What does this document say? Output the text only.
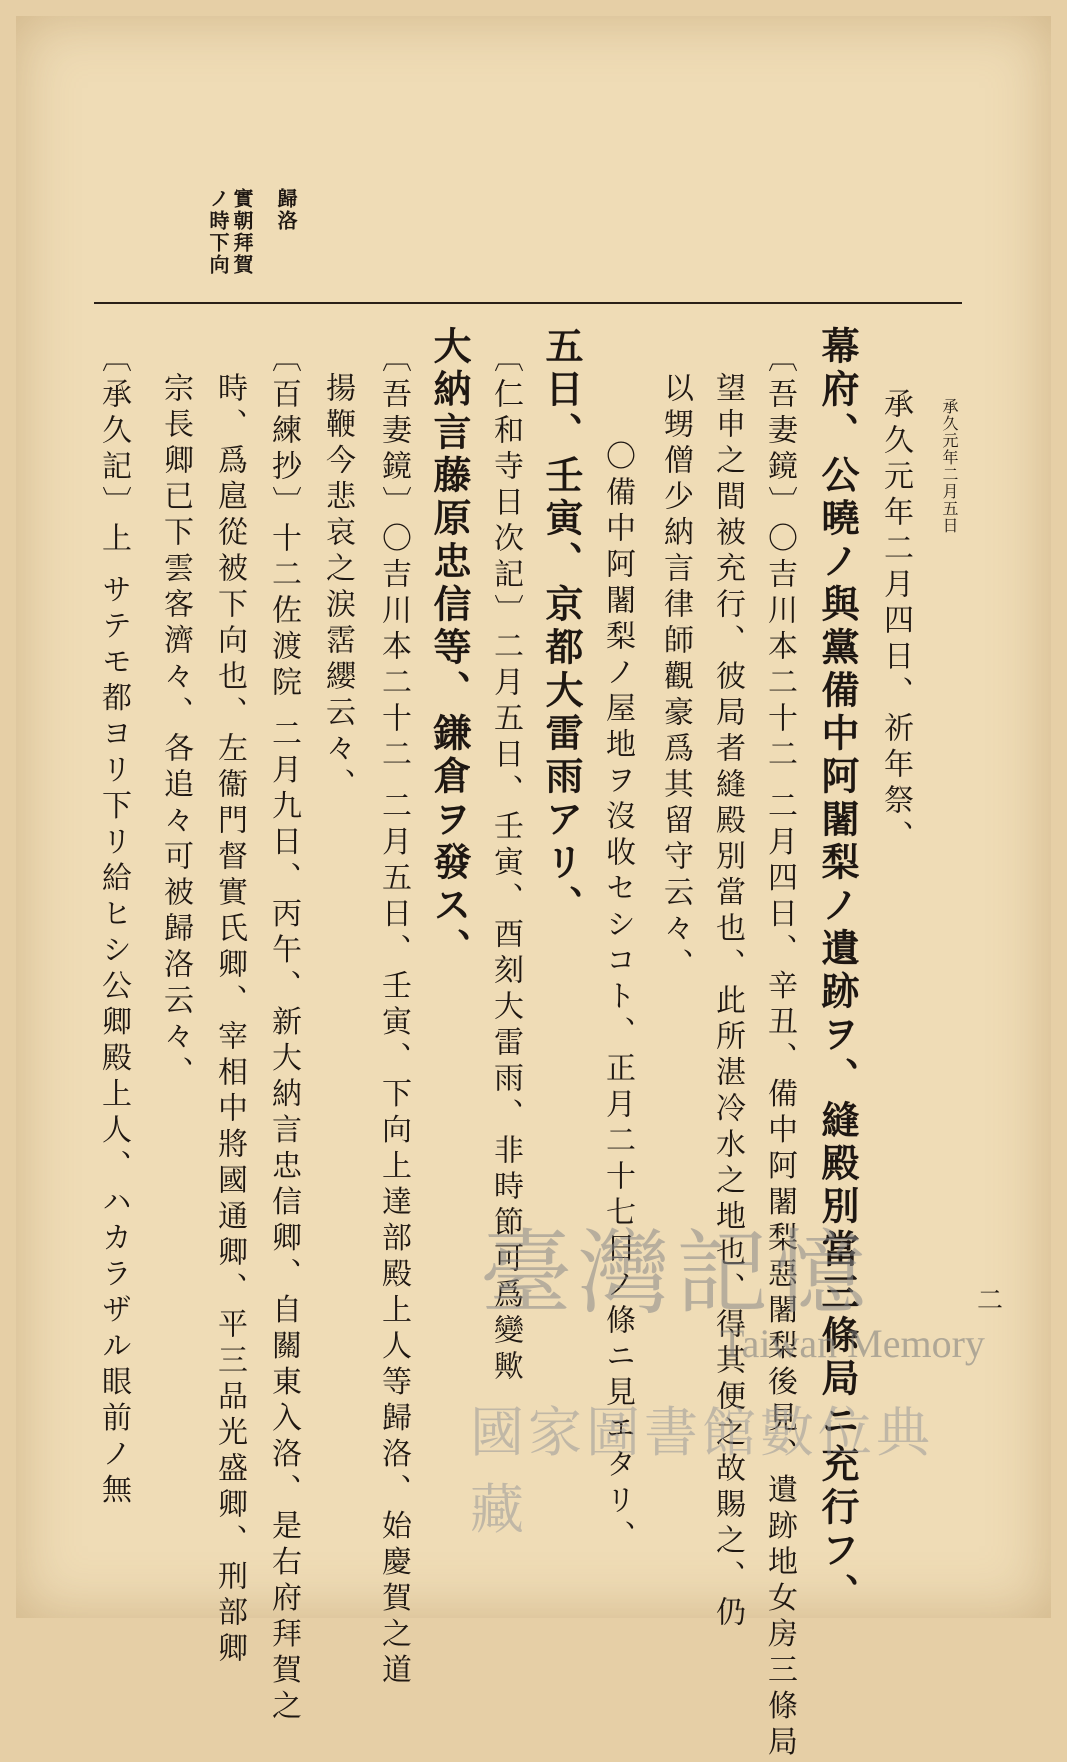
承久元年二月五日
二
歸洛
實朝拜賀
ノ時下向
承久元年二月四日、祈年祭、
幕府、公曉ノ與黨備中阿闍梨ノ遺跡ヲ、縫殿別當三條局ニ充行フ、
〔吾妻鏡〕〇吉川本二十二 二月四日、辛丑、備中阿闍梨惡闍梨後見、遺跡地女房三條局
望申之間被充行、彼局者縫殿別當也、此所湛冷水之地也、得其便之故賜之、仍
以甥僧少納言律師觀豪爲其留守云々、
〇備中阿闍梨ノ屋地ヲ沒收セシコト、正月二十七日ノ條ニ見エタリ、
五日、壬寅、京都大雷雨アリ、
〔仁和寺日次記〕二月五日、壬寅、酉刻大雷雨、非時節可爲變歟
大納言藤原忠信等、鎌倉ヲ發ス、
〔吾妻鏡〕〇吉川本二十二 二月五日、壬寅、下向上達部殿上人等歸洛、始慶賀之道
揚鞭今悲哀之涙霑纓云々、
〔百練抄〕十二佐渡院 二月九日、丙午、新大納言忠信卿、自關東入洛、是右府拜賀之
時、爲扈從被下向也、左衞門督實氏卿、宰相中將國通卿、平三品光盛卿、刑部卿
宗長卿已下雲客濟々、各追々可被歸洛云々、
〔承久記〕上 サテモ都ヨリ下リ給ヒシ公卿殿上人、ハカラザル眼前ノ無	臺灣記憶
Taiwan Memory
國家圖書館數位典藏
